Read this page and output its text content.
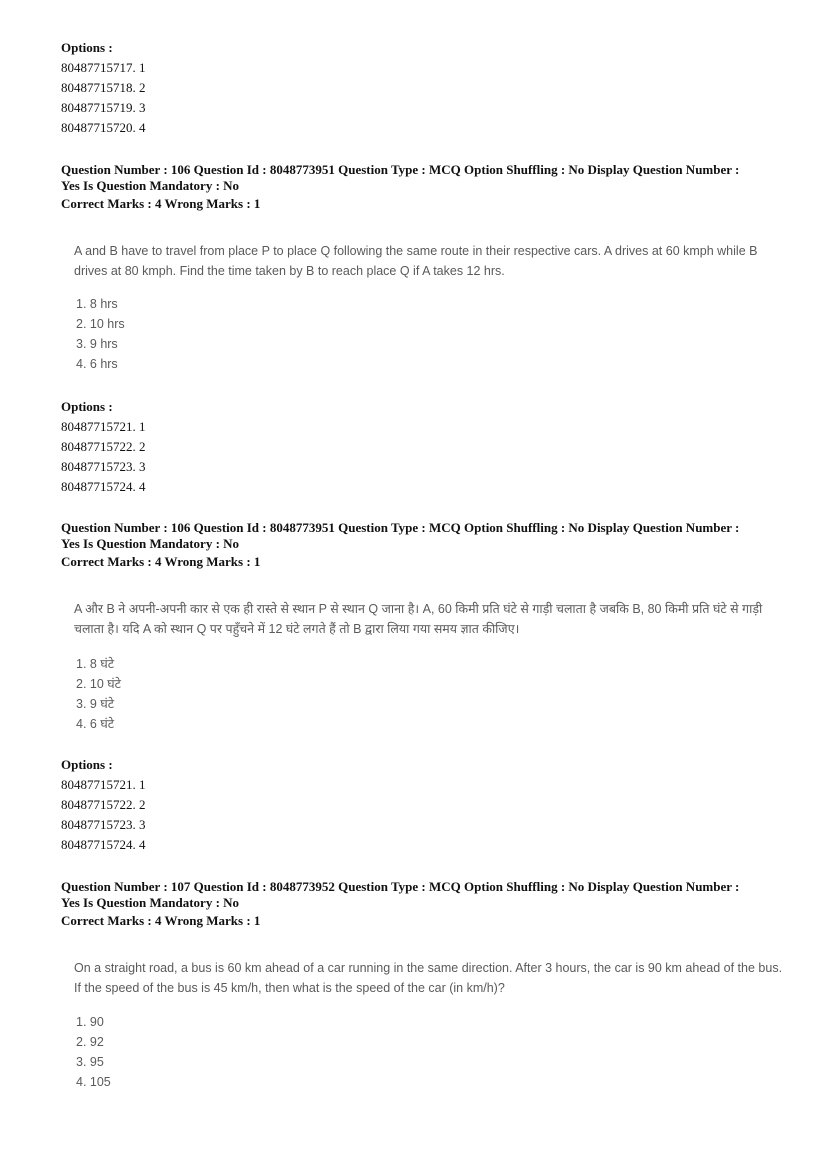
Options :
80487715717. 1
80487715718. 2
80487715719. 3
80487715720. 4
Question Number : 106 Question Id : 8048773951 Question Type : MCQ Option Shuffling : No Display Question Number :
Yes Is Question Mandatory : No
Correct Marks : 4 Wrong Marks : 1
A and B have to travel from place P to place Q following the same route in their respective cars. A drives at 60 kmph while B drives at 80 kmph. Find the time taken by B to reach place Q if A takes 12 hrs.
1. 8 hrs
2. 10 hrs
3. 9 hrs
4. 6 hrs
Options :
80487715721. 1
80487715722. 2
80487715723. 3
80487715724. 4
Question Number : 106 Question Id : 8048773951 Question Type : MCQ Option Shuffling : No Display Question Number :
Yes Is Question Mandatory : No
Correct Marks : 4 Wrong Marks : 1
A और B ने अपनी-अपनी कार से एक ही रास्ते से स्थान P से स्थान Q जाना है। A, 60 किमी प्रति घंटे से गाड़ी चलाता है जबकि B, 80 किमी प्रति घंटे से गाड़ी चलाता है। यदि A को स्थान Q पर पहुँचने में 12 घंटे लगते हैं तो B द्वारा लिया गया समय ज्ञात कीजिए।
1. 8 घंटे
2. 10 घंटे
3. 9 घंटे
4. 6 घंटे
Options :
80487715721. 1
80487715722. 2
80487715723. 3
80487715724. 4
Question Number : 107 Question Id : 8048773952 Question Type : MCQ Option Shuffling : No Display Question Number :
Yes Is Question Mandatory : No
Correct Marks : 4 Wrong Marks : 1
On a straight road, a bus is 60 km ahead of a car running in the same direction. After 3 hours, the car is 90 km ahead of the bus. If the speed of the bus is 45 km/h, then what is the speed of the car (in km/h)?
1. 90
2. 92
3. 95
4. 105
